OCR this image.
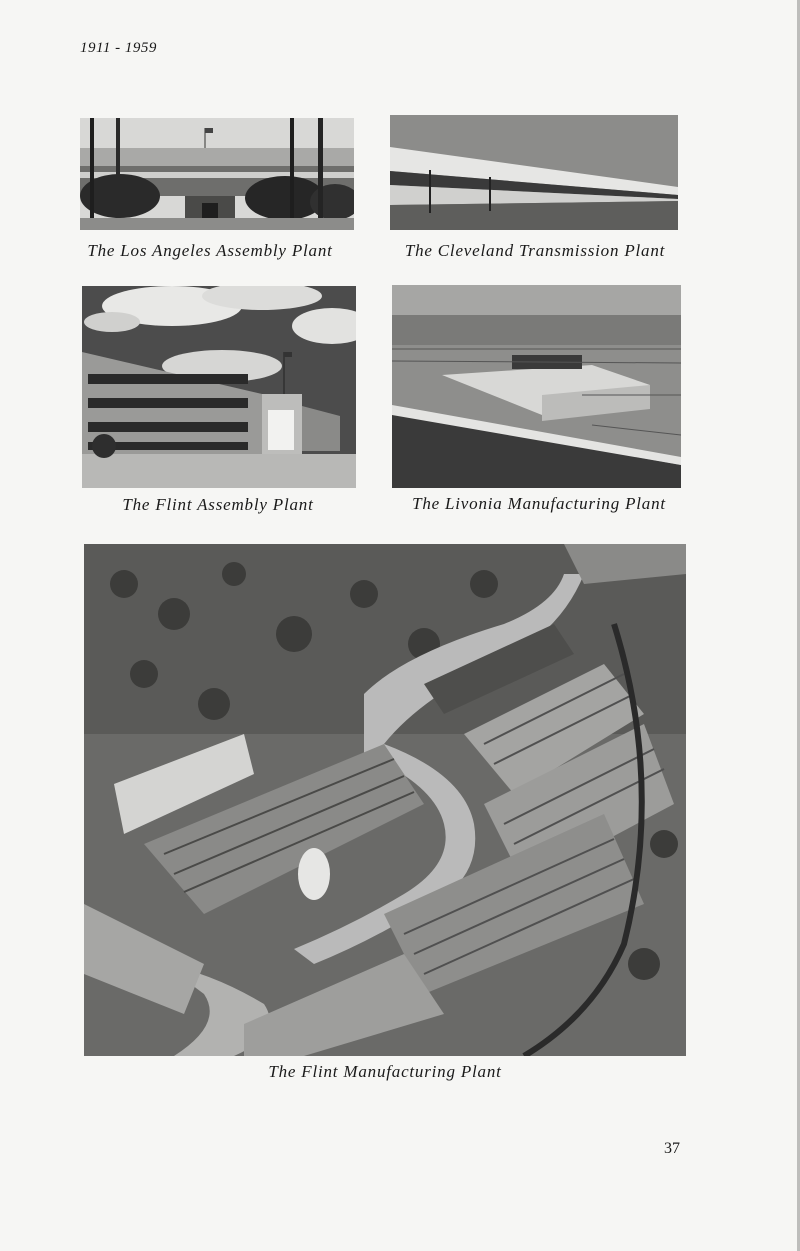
1911 - 1959
The Los Angeles Assembly Plant	The Cleveland Transmission Plant
The Flint Assembly Plant	The Livonia Manufacturing Plant
The Flint Manufacturing Plant
37
